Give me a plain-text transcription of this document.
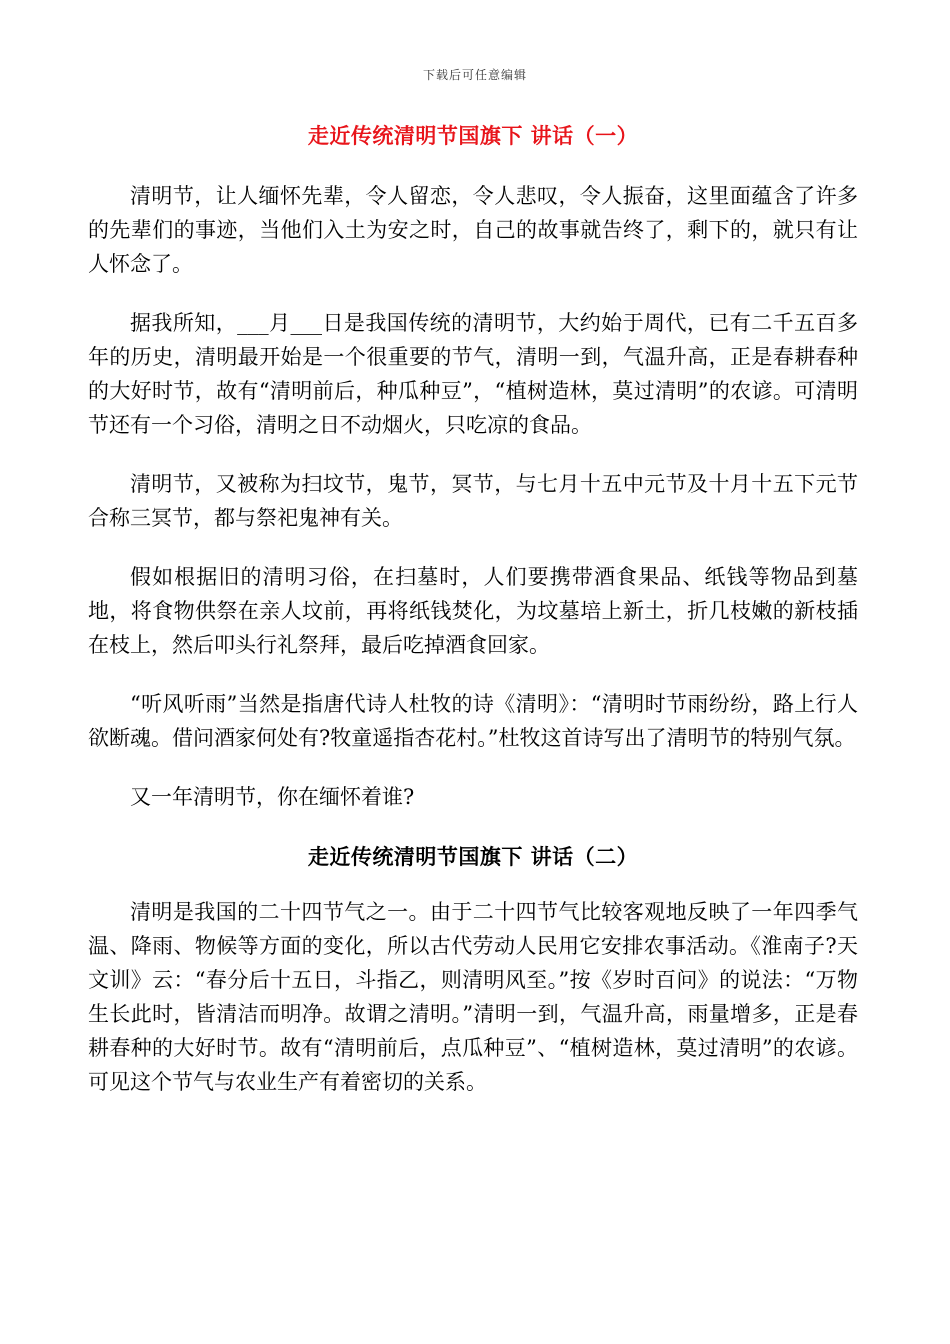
下载后可任意编辑
走近传统清明节国旗下 讲话（一）

清明节，让人缅怀先辈，令人留恋，令人悲叹，令人振奋，这里面蕴含了许多的先辈们的事迹，当他们入土为安之时，自己的故事就告终了，剩下的，就只有让人怀念了。

据我所知，___月___日是我国传统的清明节，大约始于周代，已有二千五百多年的历史，清明最开始是一个很重要的节气，清明一到，气温升高，正是春耕春种的大好时节，故有“清明前后，种瓜种豆”，“植树造林，莫过清明”的农谚。可清明节还有一个习俗，清明之日不动烟火，只吃凉的食品。

清明节，又被称为扫坟节，鬼节，冥节，与七月十五中元节及十月十五下元节合称三冥节，都与祭祀鬼神有关。

假如根据旧的清明习俗，在扫墓时，人们要携带酒食果品、纸钱等物品到墓地，将食物供祭在亲人坟前，再将纸钱焚化，为坟墓培上新土，折几枝嫩的新枝插在枝上，然后叩头行礼祭拜，最后吃掉酒食回家。

“听风听雨”当然是指唐代诗人杜牧的诗《清明》：“清明时节雨纷纷，路上行人欲断魂。借问酒家何处有?牧童遥指杏花村。”杜牧这首诗写出了清明节的特别气氛。

又一年清明节，你在缅怀着谁?

走近传统清明节国旗下 讲话（二）

清明是我国的二十四节气之一。由于二十四节气比较客观地反映了一年四季气温、降雨、物候等方面的变化，所以古代劳动人民用它安排农事活动。《淮南子?天文训》云：“春分后十五日，斗指乙，则清明风至。”按《岁时百问》的说法：“万物生长此时，皆清洁而明净。故谓之清明。”清明一到，气温升高，雨量增多，正是春耕春种的大好时节。故有“清明前后，点瓜种豆”、“植树造林，莫过清明”的农谚。可见这个节气与农业生产有着密切的关系。
